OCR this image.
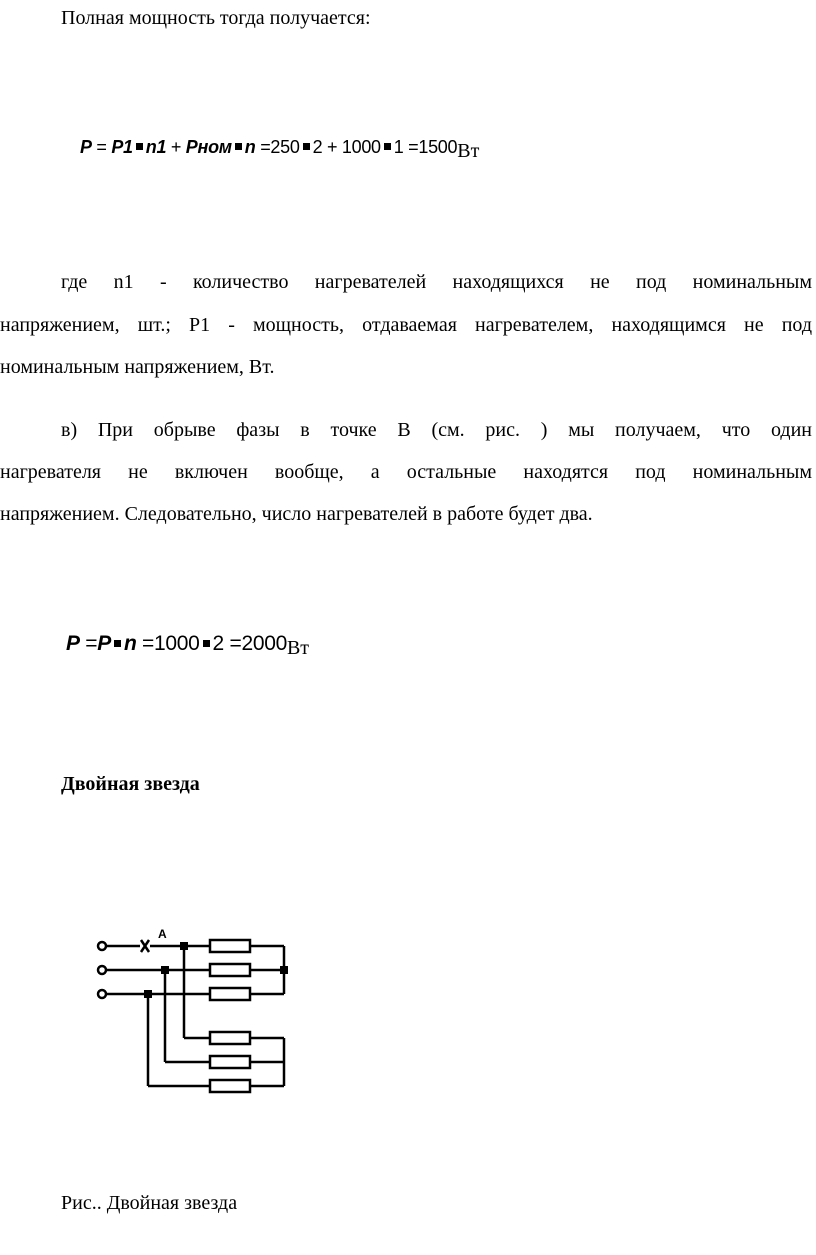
Полная мощность тогда получается:
P = P1 n1 + Pном n =250 2 + 1000 1 =1500Вт
где n1 - количество нагревателей находящихся не под номинальным
напряжением, шт.; P1 - мощность, отдаваемая нагревателем, находящимся не под
номинальным напряжением, Вт.
в) При обрыве фазы в точке В (см. рис. ) мы получаем, что один
нагревателя не включен вообще, а остальные находятся под номинальным
напряжением. Следовательно, число нагревателей в работе будет два.
P =P n =1000 2 =2000Вт
Двойная звезда
A
Рис.. Двойная звезда
